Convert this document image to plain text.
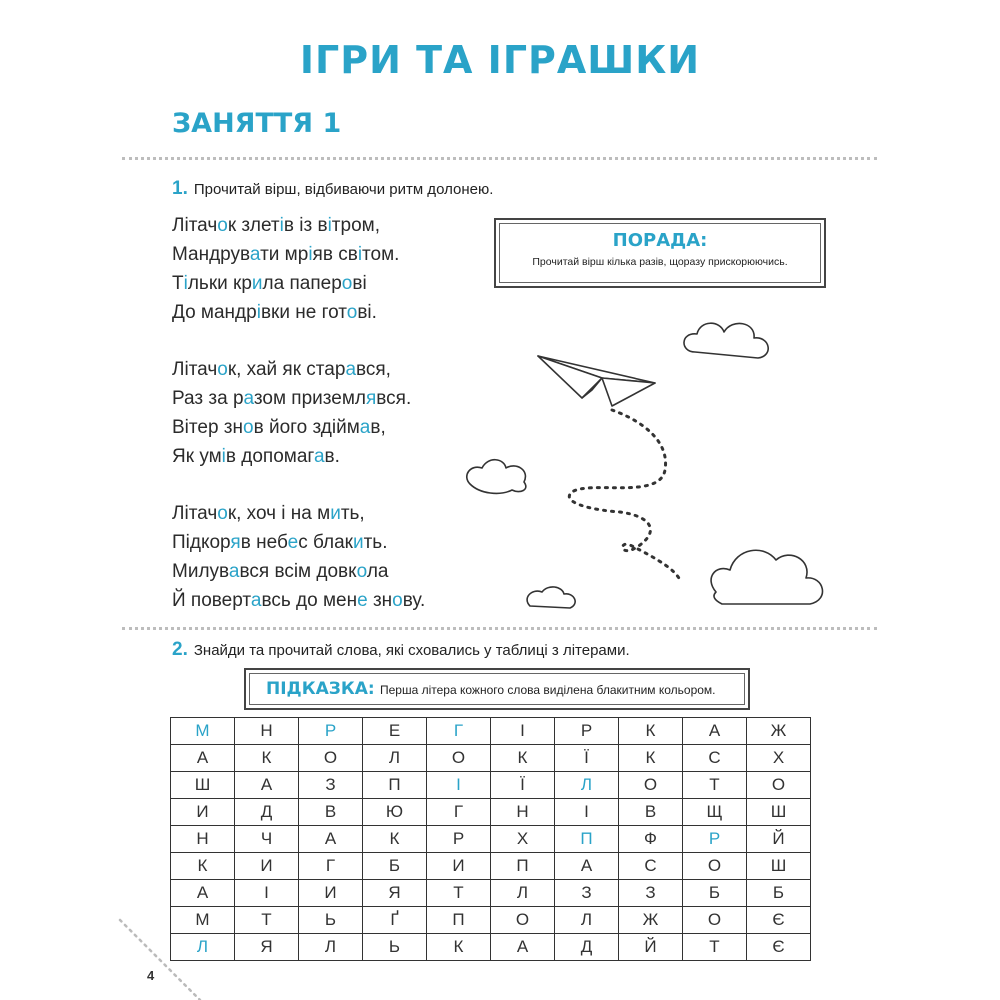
ІГРИ ТА ІГРАШКИ
ЗАНЯТТЯ 1
1. Прочитай вірш, відбиваючи ритм долонею.
Літачок злетів із вітром,
Мандрувати мріяв світом.
Тільки крила паперові
До мандрівки не готові.
Літачок, хай як старався,
Раз за разом приземлявся.
Вітер знов його здіймав,
Як умів допомагав.
Літачок, хоч і на мить,
Підкоряв небес блакить.
Милувався всім довкола
Й повертавсь до мене знову.
ПОРАДА:
Прочитай вірш кілька разів, щоразу прискорюючись.
2. Знайди та прочитай слова, які сховались у таблиці з літерами.
ПІДКАЗКА: Перша літера кожного слова виділена блакитним кольором.
М	Н	Р	Е	Г	І	Р	К	А	Ж
А	К	О	Л	О	К	Ї	К	С	Х
Ш	А	З	П	І	Ї	Л	О	Т	О
И	Д	В	Ю	Г	Н	І	В	Щ	Ш
Н	Ч	А	К	Р	Х	П	Ф	Р	Й
К	И	Г	Б	И	П	А	С	О	Ш
А	І	И	Я	Т	Л	З	З	Б	Б
М	Т	Ь	Ґ	П	О	Л	Ж	О	Є
Л	Я	Л	Ь	К	А	Д	Й	Т	Є
4
